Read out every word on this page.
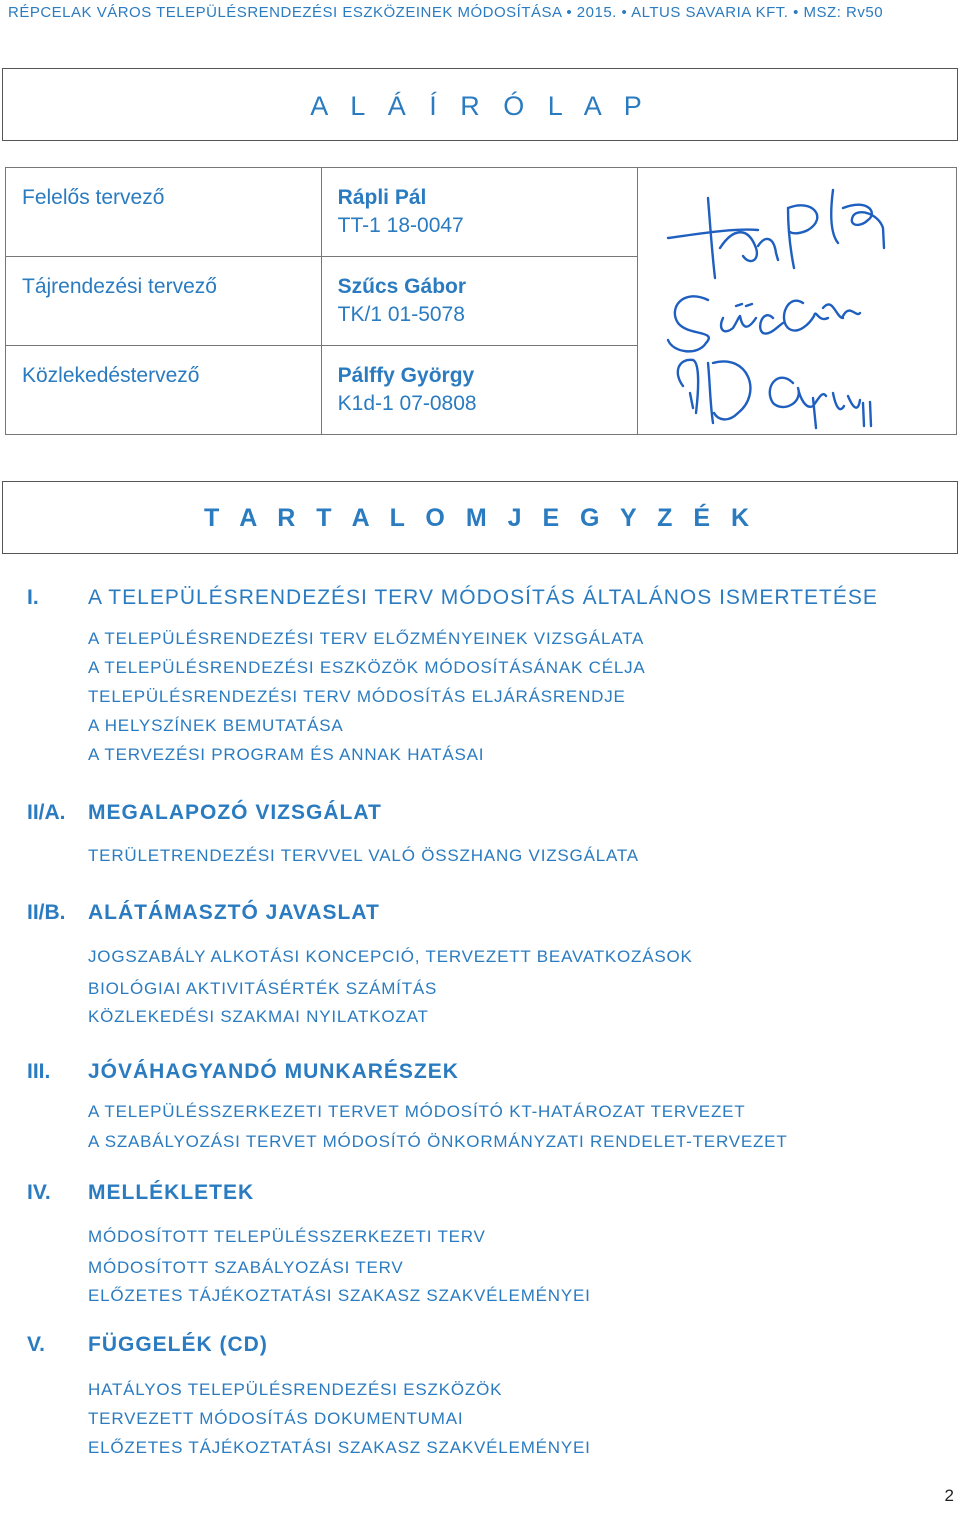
RÉPCELAK VÁROS TELEPÜLÉSRENDEZÉSI ESZKÖZEINEK MÓDOSÍTÁSA • 2015. • ALTUS SAVARIA KFT. • MSZ: Rv50
A L Á Í R Ó L A P
Felelős tervező	Rápli Pál
TT-1 18-0047

Tájrendezési tervező	Szűcs Gábor
TK/1 01-5078	

Közlekedéstervező	Pálffy György
K1d-1 07-0808	
T A R T A L O M J E G Y Z É K
I. A TELEPÜLÉSRENDEZÉSI TERV MÓDOSÍTÁS ÁLTALÁNOS ISMERTETÉSE
A TELEPÜLÉSRENDEZÉSI TERV ELŐZMÉNYEINEK VIZSGÁLATA
A TELEPÜLÉSRENDEZÉSI ESZKÖZÖK MÓDOSÍTÁSÁNAK CÉLJA
TELEPÜLÉSRENDEZÉSI TERV MÓDOSÍTÁS ELJÁRÁSRENDJE
A HELYSZÍNEK BEMUTATÁSA
A TERVEZÉSI PROGRAM ÉS ANNAK HATÁSAI
II/A. MEGALAPOZÓ VIZSGÁLAT
TERÜLETRENDEZÉSI TERVVEL VALÓ ÖSSZHANG VIZSGÁLATA
II/B. ALÁTÁMASZTÓ JAVASLAT
JOGSZABÁLY ALKOTÁSI KONCEPCIÓ, TERVEZETT BEAVATKOZÁSOK
BIOLÓGIAI AKTIVITÁSÉRTÉK SZÁMÍTÁS
KÖZLEKEDÉSI SZAKMAI NYILATKOZAT
III. JÓVÁHAGYANDÓ MUNKARÉSZEK
A TELEPÜLÉSSZERKEZETI TERVET MÓDOSÍTÓ KT-HATÁROZAT TERVEZET
A SZABÁLYOZÁSI TERVET MÓDOSÍTÓ ÖNKORMÁNYZATI RENDELET-TERVEZET
IV. MELLÉKLETEK
MÓDOSÍTOTT TELEPÜLÉSSZERKEZETI TERV
MÓDOSÍTOTT SZABÁLYOZÁSI TERV
ELŐZETES TÁJÉKOZTATÁSI SZAKASZ SZAKVÉLEMÉNYEI
V. FÜGGELÉK (CD)
HATÁLYOS TELEPÜLÉSRENDEZÉSI ESZKÖZÖK
TERVEZETT MÓDOSÍTÁS DOKUMENTUMAI
ELŐZETES TÁJÉKOZTATÁSI SZAKASZ SZAKVÉLEMÉNYEI
2
